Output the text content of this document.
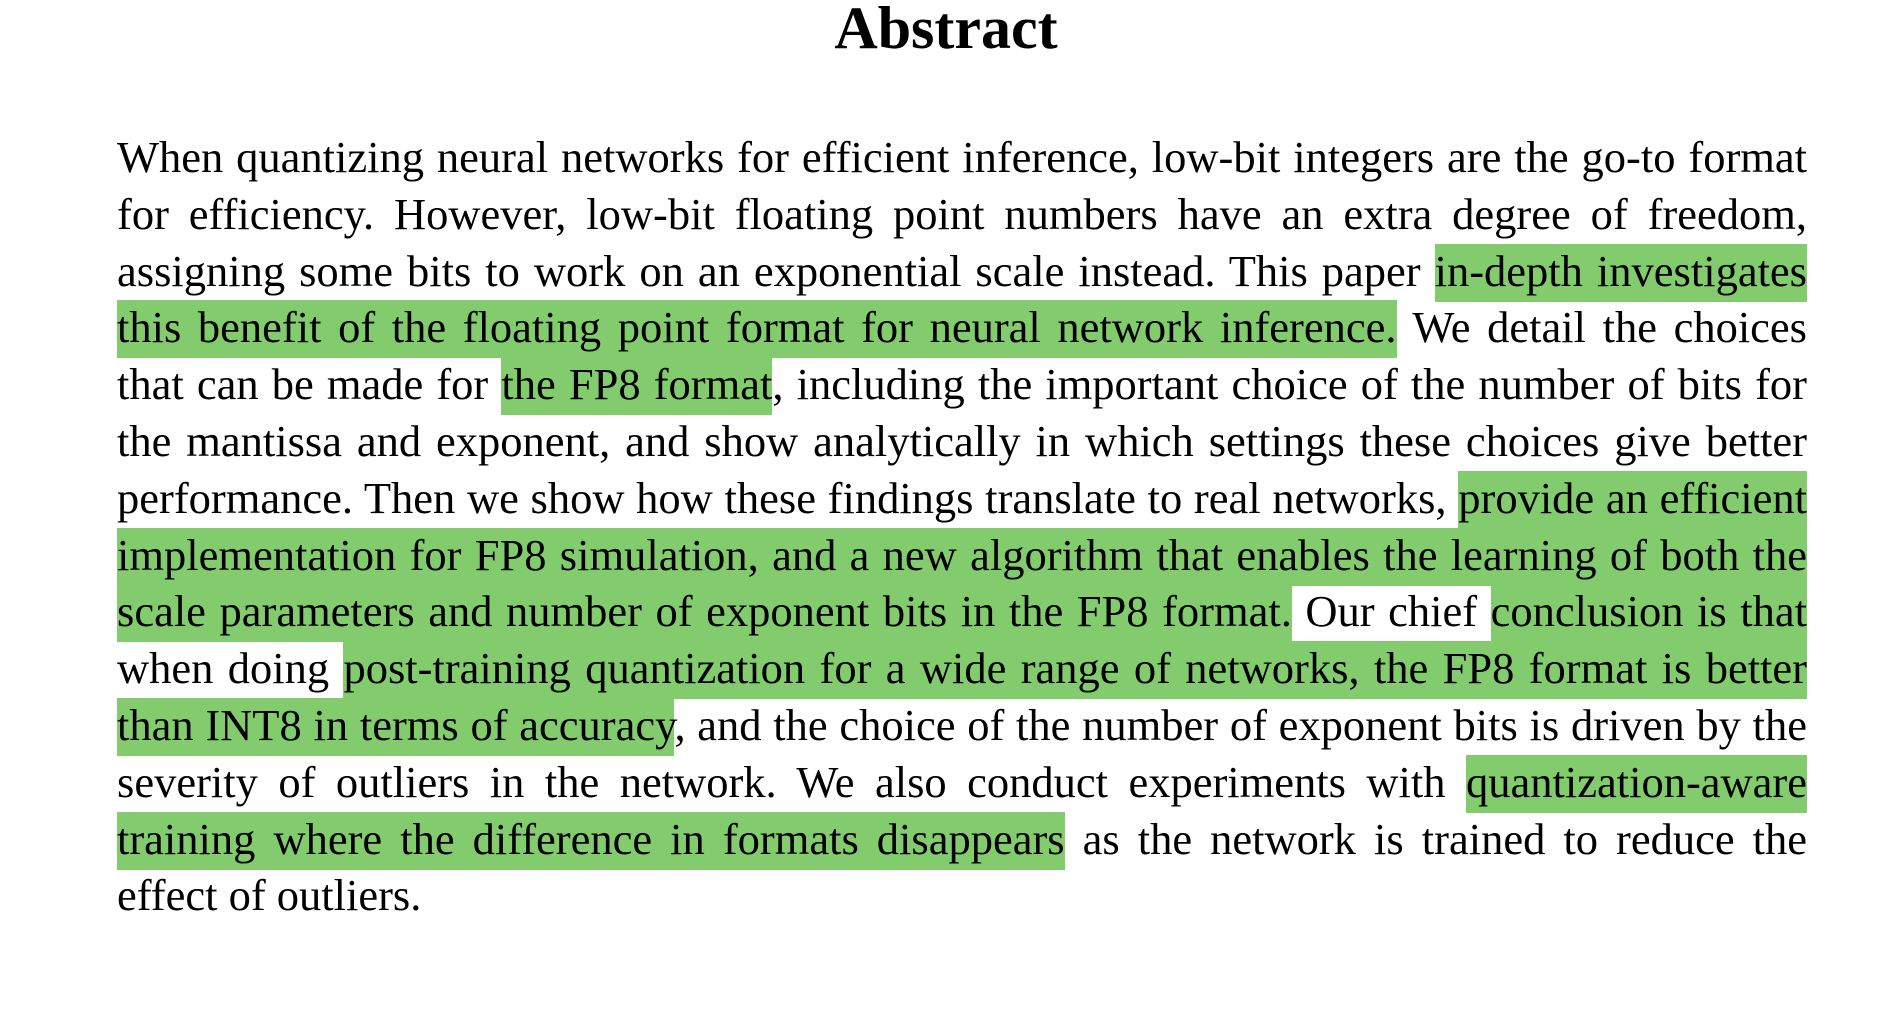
Abstract

When quantizing neural networks for efficient inference, low-bit integers are the go-to format for efficiency. However, low-bit floating point numbers have an extra degree of freedom, assigning some bits to work on an exponential scale instead. This paper in-depth investigates this benefit of the floating point format for neural network inference. We detail the choices that can be made for the FP8 format, including the important choice of the number of bits for the mantissa and exponent, and show analytically in which settings these choices give better performance. Then we show how these findings translate to real networks, provide an efficient implementation for FP8 simulation, and a new algorithm that enables the learning of both the scale parameters and number of exponent bits in the FP8 format. Our chief conclusion is that when doing post-training quantization for a wide range of networks, the FP8 format is better than INT8 in terms of accuracy, and the choice of the number of exponent bits is driven by the severity of outliers in the network. We also conduct experiments with quantization-aware training where the difference in formats disappears as the network is trained to reduce the effect of outliers.
